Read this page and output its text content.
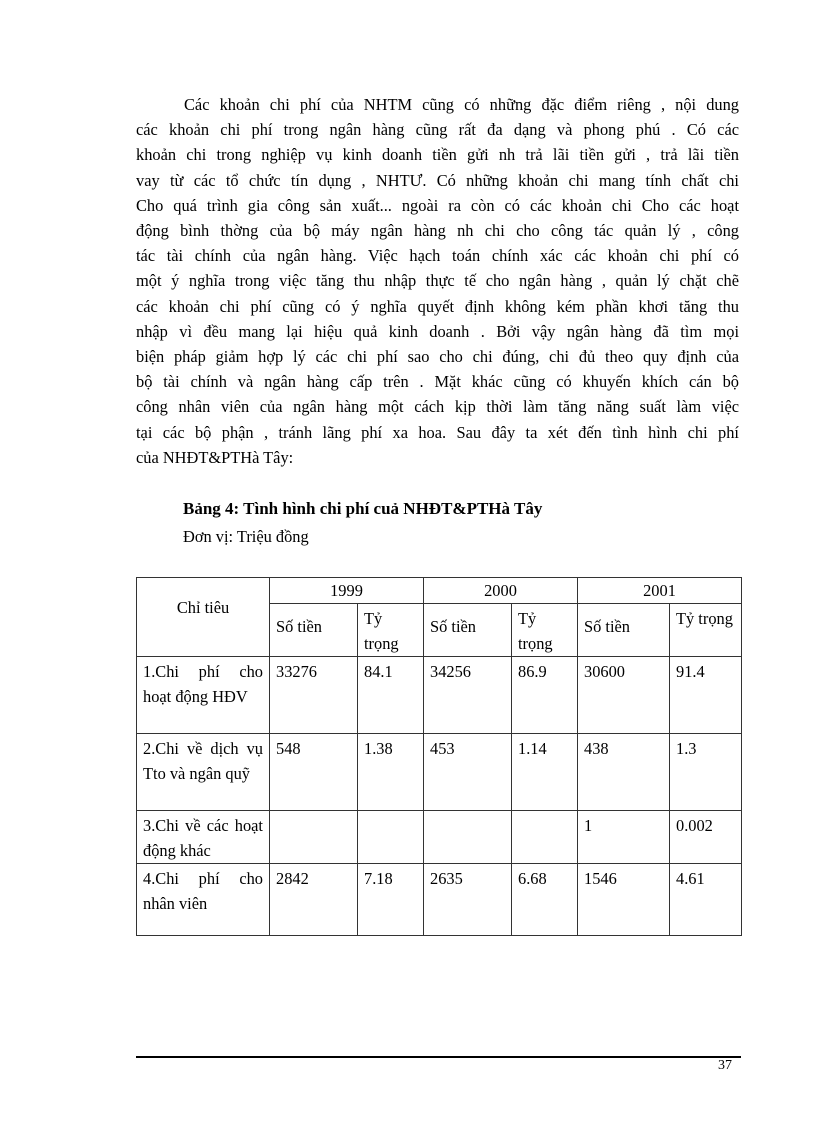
Các khoản chi phí của NHTM cũng có những đặc điểm riêng , nội dung
các khoản chi phí trong ngân hàng cũng rất đa dạng và phong phú . Có các
khoản chi trong nghiệp vụ kinh doanh tiền gửi nh trả lãi tiền gửi , trả lãi tiền
vay từ các tổ chức tín dụng , NHTƯ. Có những khoản chi mang tính chất chi
Cho quá trình gia công sản xuất... ngoài ra còn có các khoản chi Cho các hoạt
động bình thờng của bộ máy ngân hàng nh chi cho công tác quản lý , công
tác tài chính của ngân hàng. Việc hạch toán chính xác các khoản chi phí có
một ý nghĩa trong việc tăng thu nhập thực tế cho ngân hàng , quản lý chặt chẽ
các khoản chi phí cũng có ý nghĩa quyết định không kém phần khơi tăng thu
nhập vì đều mang lại hiệu quả kinh doanh . Bởi vậy ngân hàng đã tìm mọi
biện pháp giảm hợp lý các chi phí sao cho chi đúng, chi đủ theo quy định của
bộ tài chính và ngân hàng cấp trên . Mặt khác cũng có khuyến khích cán bộ
công nhân viên của ngân hàng một cách kịp thời làm tăng năng suất làm việc
tại các bộ phận , tránh lãng phí xa hoa. Sau đây ta xét đến tình hình chi phí
của NHĐT&PTHà Tây:
Bảng 4: Tình hình chi phí cuả NHĐT&PTHà Tây
Đơn vị: Triệu đồng
Chỉ tiêu	1999		2000		2001	
	Số tiền	Tỷ trọng	Số tiền	Tỷ trọng	Số tiền	Tỷ trọng
1.Chi phí cho hoạt động HĐV	33276	84.1	34256	86.9	30600	91.4
2.Chi về dịch vụ Tto và ngân quỹ	548	1.38	453	1.14	438	1.3
3.Chi về các hoạt động khác					1	0.002
4.Chi phí cho nhân viên	2842	7.18	2635	6.68	1546	4.61
37
